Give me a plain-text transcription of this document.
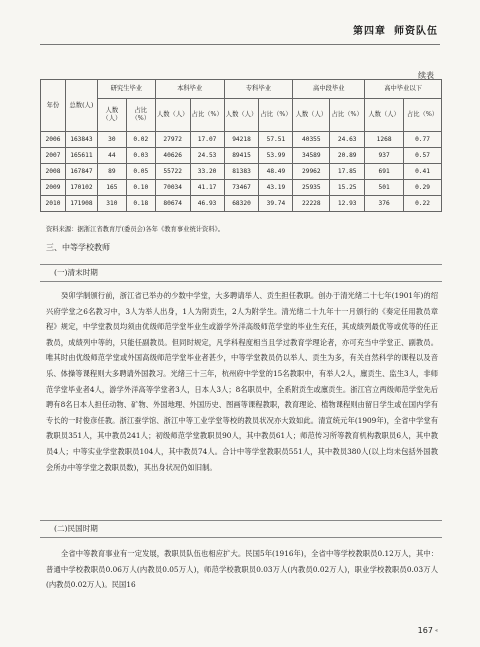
第四章 师资队伍
续表
年份	总数(人)	研究生毕业		本科毕业		专科毕业		高中段毕业		高中毕业以下	
		人数（人）	占比（%）	人数（人）	占比（%）	人数（人）	占比（%）	人数（人）	占比（%）	人数（人）	占比（%）
2006	163843	30	0.02	27972	17.07	94218	57.51	40355	24.63	1268	0.77
2007	165611	44	0.03	40626	24.53	89415	53.99	34589	20.89	937	0.57
2008	167847	89	0.05	55722	33.20	81383	48.49	29962	17.85	691	0.41
2009	170102	165	0.10	70034	41.17	73467	43.19	25935	15.25	501	0.29
2010	171908	310	0.18	80674	46.93	68320	39.74	22228	12.93	376	0.22
资料来源：据浙江省教育厅(委员会)各年《教育事业统计资料》。
三、中等学校教师
(一)清末时期

癸卯学制颁行前，浙江省已举办的少数中学堂，大多聘请举人、贡生担任教职。创办于清光绪二十七年(1901年)的绍兴府学堂之6名教习中，3人为举人出身，1人为附贡生，2人为附学生。清光绪二十九年十一月颁行的《奏定任用教员章程》规定，中学堂教员均须由优级师范学堂毕业生或游学外洋高级师范学堂的毕业生充任，其成绩列最优等或优等的任正教员，成绩列中等的，只能任副教员。但同时规定，凡学科程度相当且学过教育学理论者，亦可充当中学堂正、副教员。唯其时由优级师范学堂或外国高级师范学堂毕业者甚少，中等学堂教员仍以举人、贡生为多，有关自然科学的课程以及音乐、体操等课程则大多聘请外国教习。光绪三十三年，杭州府中学堂的15名教职中，有举人2人，廪贡生、监生3人，非师范学堂毕业者4人，游学外洋高等学堂者3人，日本人3人；8名职员中，全系附贡生或廪贡生。浙江官立两级师范学堂先后聘有8名日本人担任动物、矿物、外国地理、外国历史、图画等课程教职，教育理论、植物课程则由留日学生或在国内学有专长的一时俊彦任教。浙江蚕学馆、浙江中等工业学堂等校的教员状况亦大致如此。清宣统元年(1909年)，全省中学堂有教职员351人，其中教员241人；初级师范学堂教职员90人，其中教员61人；师范传习所等教育机构教职员6人，其中教员4人；中等实业学堂教职员104人，其中教员74人。合计中等学堂教职员551人，其中教员380人(以上均未包括外国教会所办中等学堂之教职员数)，其出身状况仍如旧制。

(二)民国时期

全省中等教育事业有一定发展，教职员队伍也相应扩大。民国5年(1916年)，全省中等学校教职员0.12万人，其中：普通中学校教职员0.06万人(内教员0.05万人)，师范学校教职员0.03万人(内教员0.02万人)，职业学校教职员0.03万人(内教员0.02万人)。民国16

167 «
